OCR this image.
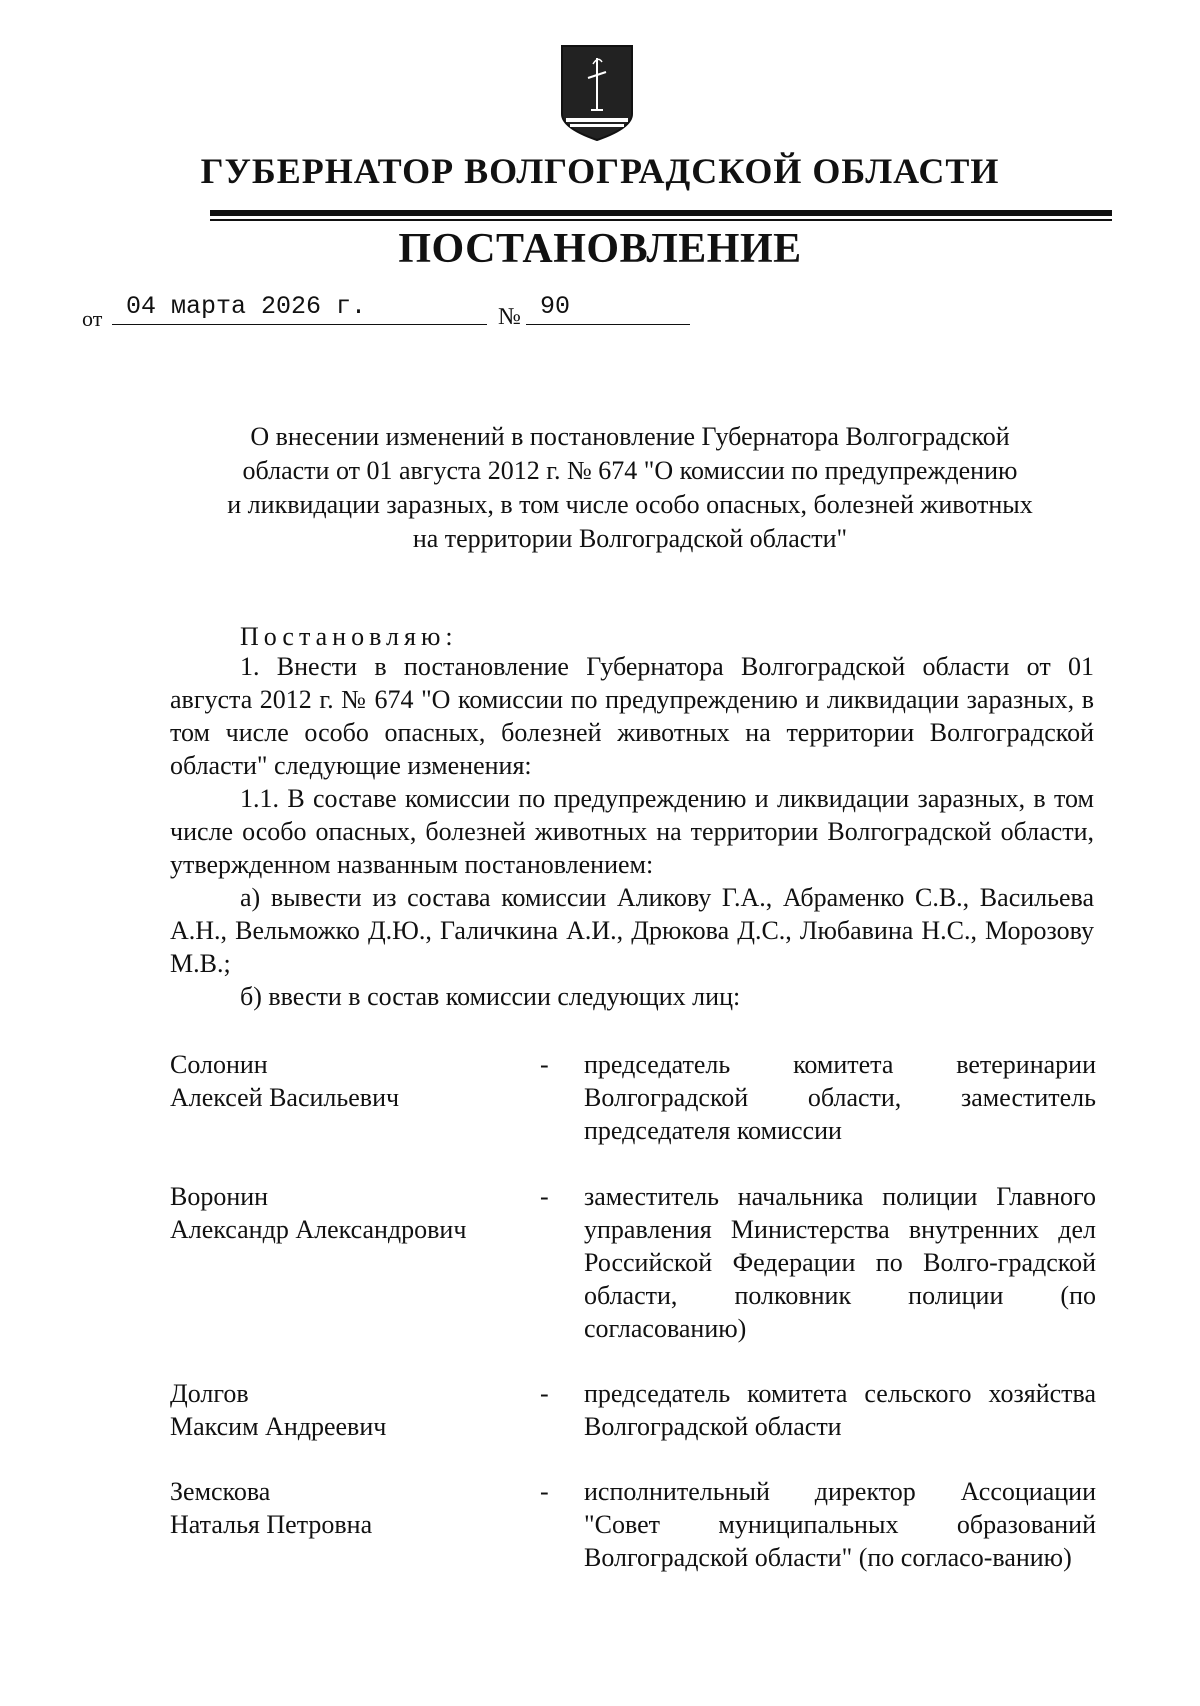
ГУБЕРНАТОР ВОЛГОГРАДСКОЙ ОБЛАСТИ
ПОСТАНОВЛЕНИЕ
от 04 марта 2026 г.	№ 90
О внесении изменений в постановление Губернатора Волгоградской
области от 01 августа 2012 г. № 674 "О комиссии по предупреждению
и ликвидации заразных, в том числе особо опасных, болезней животных
на территории Волгоградской области"
Постановляю:
1. Внести в постановление Губернатора Волгоградской области от 01 августа 2012 г. № 674 "О комиссии по предупреждению и ликвидации заразных, в том числе особо опасных, болезней животных на территории Волгоградской области" следующие изменения:
1.1. В составе комиссии по предупреждению и ликвидации заразных, в том числе особо опасных, болезней животных на территории Волгоградской области, утвержденном названным постановлением:
а) вывести из состава комиссии Аликову Г.А., Абраменко С.В., Васильева А.Н., Вельможко Д.Ю., Галичкина А.И., Дрюкова Д.С., Любавина Н.С., Морозову М.В.;
б) ввести в состав комиссии следующих лиц:
Солонин
Алексей Васильевич
-	председатель комитета ветеринарии Волгоградской области, заместитель председателя комиссии
Воронин
Александр Александрович
-	заместитель начальника полиции Главного управления Министерства внутренних дел Российской Федерации по Волго-градской области, полковник полиции (по согласованию)
Долгов
Максим Андреевич
-	председатель комитета сельского хозяйства Волгоградской области
Земскова
Наталья Петровна
-	исполнительный директор Ассоциации "Совет муниципальных образований Волгоградской области" (по согласо-ванию)
